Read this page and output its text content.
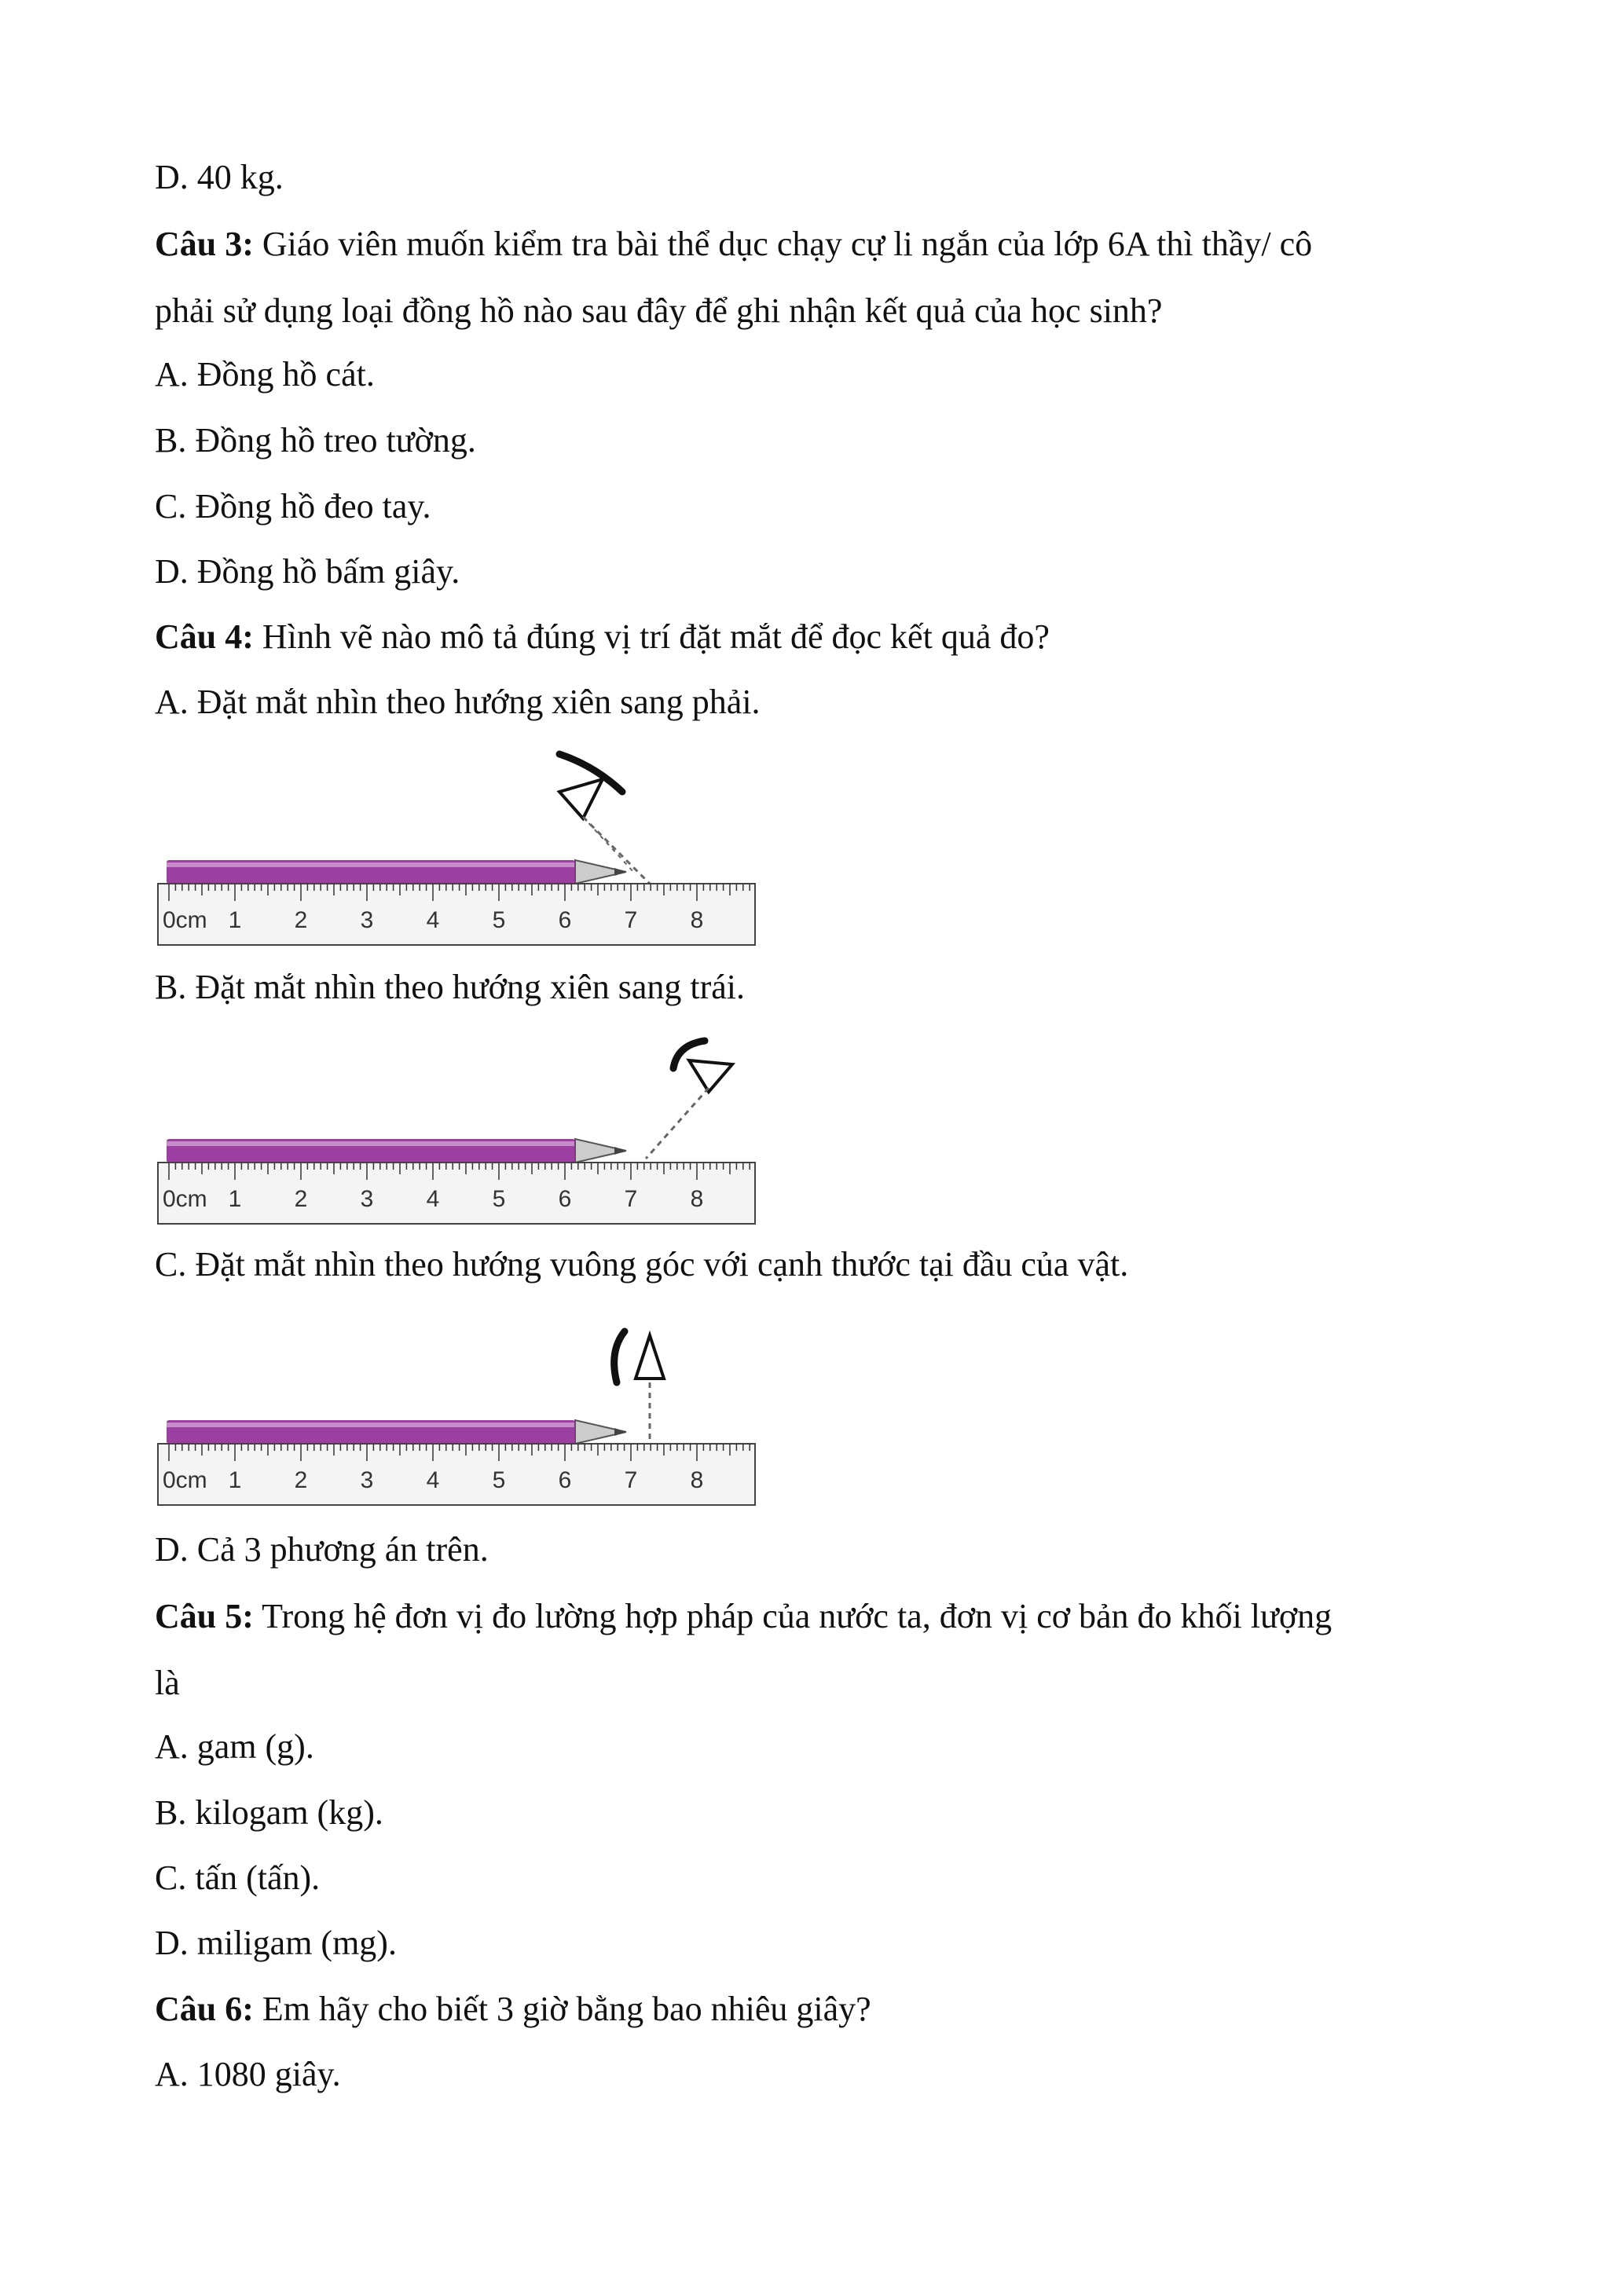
D. 40 kg.
Câu 3: Giáo viên muốn kiểm tra bài thể dục chạy cự li ngắn của lớp 6A thì thầy/ cô
phải sử dụng loại đồng hồ nào sau đây để ghi nhận kết quả của học sinh?
A. Đồng hồ cát.
B. Đồng hồ treo tường.
C. Đồng hồ đeo tay.
D. Đồng hồ bấm giây.
Câu 4: Hình vẽ nào mô tả đúng vị trí đặt mắt để đọc kết quả đo?
A. Đặt mắt nhìn theo hướng xiên sang phải.
0cm 1 2 3 4 5 6 7 8
B. Đặt mắt nhìn theo hướng xiên sang trái.
0cm 1 2 3 4 5 6 7 8
C. Đặt mắt nhìn theo hướng vuông góc với cạnh thước tại đầu của vật.
0cm 1 2 3 4 5 6 7 8
D. Cả 3 phương án trên.
Câu 5: Trong hệ đơn vị đo lường hợp pháp của nước ta, đơn vị cơ bản đo khối lượng
là
A. gam (g).
B. kilogam (kg).
C. tấn (tấn).
D. miligam (mg).
Câu 6: Em hãy cho biết 3 giờ bằng bao nhiêu giây?
A. 1080 giây.
